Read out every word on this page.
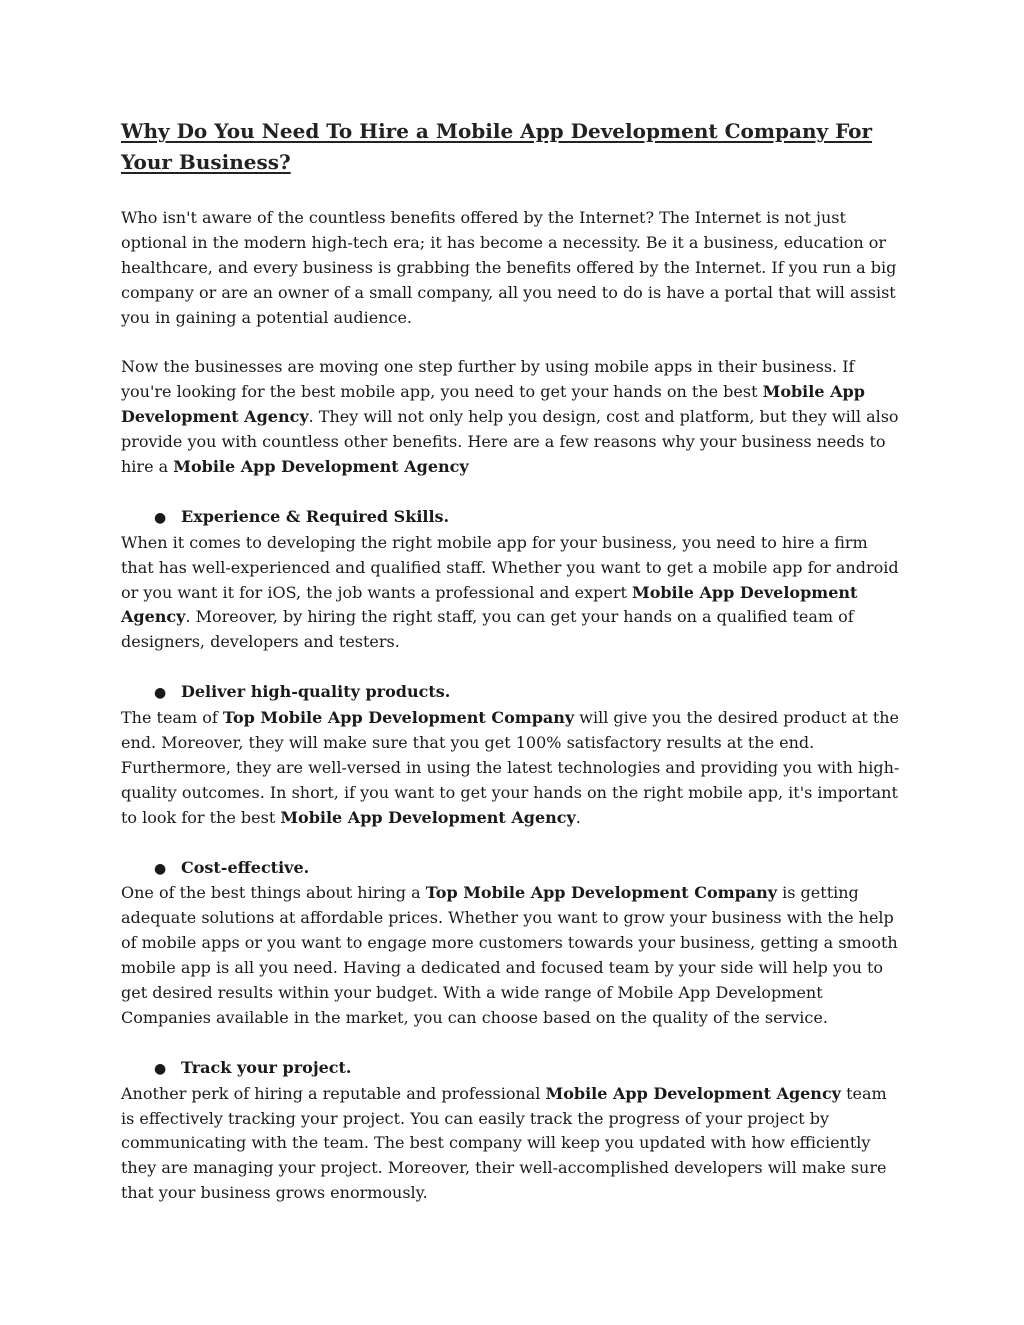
Why Do You Need To Hire a Mobile App Development Company For Your Business?

Who isn't aware of the countless benefits offered by the Internet? The Internet is not just optional in the modern high-tech era; it has become a necessity. Be it a business, education or healthcare, and every business is grabbing the benefits offered by the Internet. If you run a big company or are an owner of a small company, all you need to do is have a portal that will assist you in gaining a potential audience.

Now the businesses are moving one step further by using mobile apps in their business. If you're looking for the best mobile app, you need to get your hands on the best Mobile App Development Agency. They will not only help you design, cost and platform, but they will also provide you with countless other benefits. Here are a few reasons why your business needs to hire a Mobile App Development Agency

● Experience & Required Skills.

When it comes to developing the right mobile app for your business, you need to hire a firm that has well-experienced and qualified staff. Whether you want to get a mobile app for android or you want it for iOS, the job wants a professional and expert Mobile App Development Agency. Moreover, by hiring the right staff, you can get your hands on a qualified team of designers, developers and testers.

● Deliver high-quality products.

The team of Top Mobile App Development Company will give you the desired product at the end. Moreover, they will make sure that you get 100% satisfactory results at the end. Furthermore, they are well-versed in using the latest technologies and providing you with high-quality outcomes. In short, if you want to get your hands on the right mobile app, it's important to look for the best Mobile App Development Agency.

● Cost-effective.

One of the best things about hiring a Top Mobile App Development Company is getting adequate solutions at affordable prices. Whether you want to grow your business with the help of mobile apps or you want to engage more customers towards your business, getting a smooth mobile app is all you need. Having a dedicated and focused team by your side will help you to get desired results within your budget. With a wide range of Mobile App Development Companies available in the market, you can choose based on the quality of the service.

● Track your project.

Another perk of hiring a reputable and professional Mobile App Development Agency team is effectively tracking your project. You can easily track the progress of your project by communicating with the team. The best company will keep you updated with how efficiently they are managing your project. Moreover, their well-accomplished developers will make sure that your business grows enormously.
